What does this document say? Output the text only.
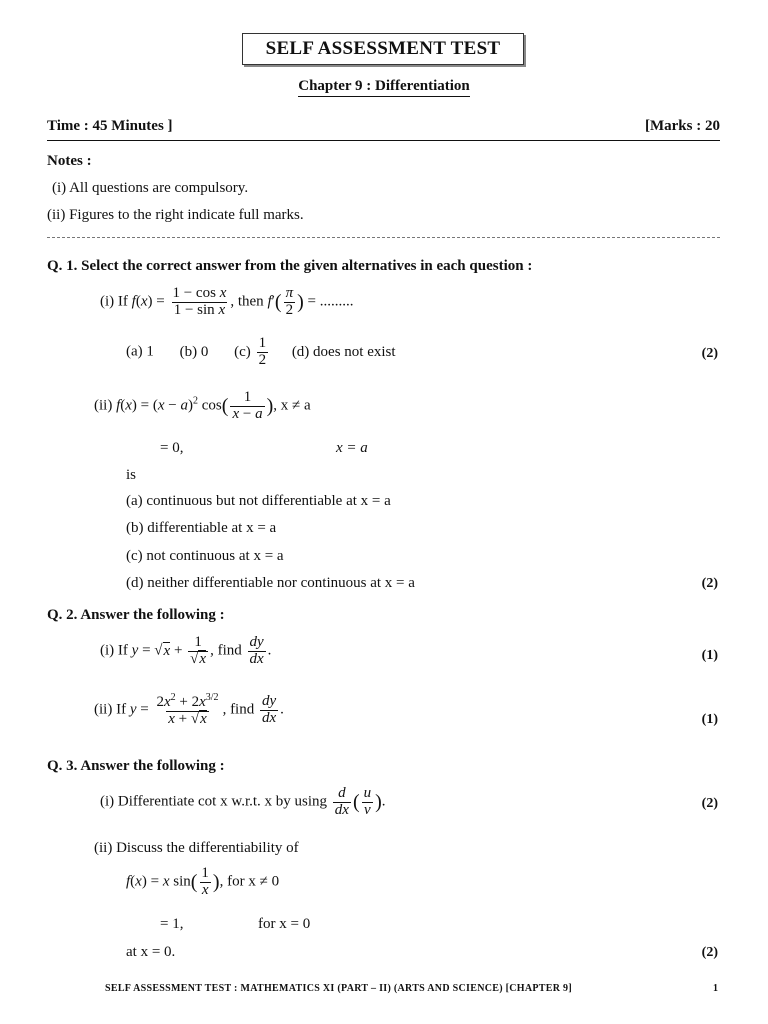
SELF ASSESSMENT TEST
Chapter 9 : Differentiation
Time : 45 Minutes ]	[Marks : 20
Notes :
(i) All questions are compulsory.
(ii) Figures to the right indicate full marks.
Q. 1. Select the correct answer from the given alternatives in each question :
(i) If $f(x) = \frac{\text{1 − cos x}}{\text{1 − sin x}}$ , then $f'( \frac{\pi}{2}$ ) = .........
(a) 1 (b) 0 $(c) \frac{1}{2} (d)$ does not exist	(2)
(ii) $f(x) = (x - a)^2$ $\cos( \frac{1}{x - a}$ ), x ≠ a
= 0,	x = a
is
(a) continuous but not differentiable at x = a
(b) differentiable at x = a
(c) not continuous at x = a
(d) neither differentiable nor continuous at x = a	(2)
Q. 2. Answer the following :
(i) If $y = √x + \frac{1}{√x}$ , find $\frac{dy}{dx}$ .	(1)
(ii) If $y = \frac{2x^2 + 2x^{3/2}}{x + √x}$ , find $\frac{dy}{dx}$ .
(1)
Q. 3. Answer the following :
(i) Differentiate cot x w.r.t. x by using $\frac{d}{dx}$ ( $\frac{u}{v}$ ).	(2)
(ii) Discuss the differentiability of
f(x) = x $\sin( \frac{1}{x}$ ), for x ≠ 0
= 1,	for x = 0
at x = 0.	(2)
SELF ASSESSMENT TEST : MATHEMATICS XI (PART – II) (ARTS AND SCIENCE) [CHAPTER 9]	1
